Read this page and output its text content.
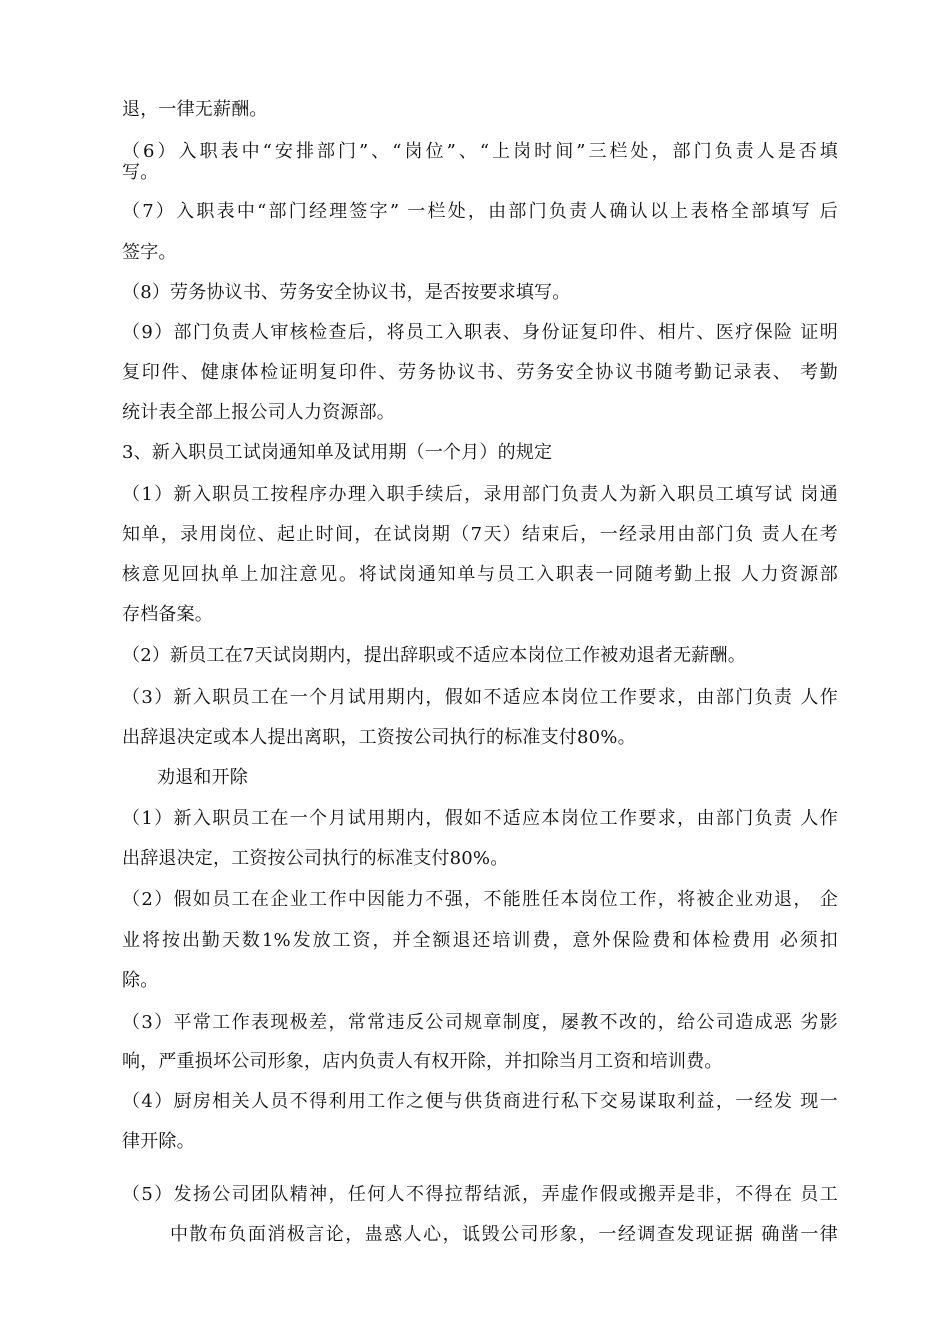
退，一律无薪酬。
（6）入职表中“安排部门”、“岗位”、“上岗时间”三栏处，部门负责人是否填
写。
（7）入职表中“部门经理签字” 一栏处，由部门负责人确认以上表格全部填写 后
签字。
（8）劳务协议书、劳务安全协议书，是否按要求填写。
（9）部门负责人审核检查后，将员工入职表、身份证复印件、相片、医疗保险 证明
复印件、健康体检证明复印件、劳务协议书、劳务安全协议书随考勤记录表、 考勤
统计表全部上报公司人力资源部。
3、新入职员工试岗通知单及试用期（一个月）的规定
（1）新入职员工按程序办理入职手续后，录用部门负责人为新入职员工填写试 岗通
知单，录用岗位、起止时间，在试岗期（7天）结束后，一经录用由部门负 责人在考
核意见回执单上加注意见。将试岗通知单与员工入职表一同随考勤上报 人力资源部
存档备案。
（2）新员工在7天试岗期内，提出辞职或不适应本岗位工作被劝退者无薪酬。
（3）新入职员工在一个月试用期内，假如不适应本岗位工作要求，由部门负责 人作
出辞退决定或本人提出离职，工资按公司执行的标准支付80%。
劝退和开除
（1）新入职员工在一个月试用期内，假如不适应本岗位工作要求，由部门负责 人作
出辞退决定，工资按公司执行的标准支付80%。
（2）假如员工在企业工作中因能力不强，不能胜任本岗位工作，将被企业劝退， 企
业将按出勤天数1%发放工资，并全额退还培训费，意外保险费和体检费用 必须扣
除。
（3）平常工作表现极差，常常违反公司规章制度，屡教不改的，给公司造成恶 劣影
响，严重损坏公司形象，店内负责人有权开除，并扣除当月工资和培训费。
（4）厨房相关人员不得利用工作之便与供货商进行私下交易谋取利益，一经发 现一
律开除。
（5）发扬公司团队精神，任何人不得拉帮结派，弄虚作假或搬弄是非，不得在 员工
中散布负面消极言论，蛊惑人心，诋毁公司形象，一经调查发现证据 确凿一律
